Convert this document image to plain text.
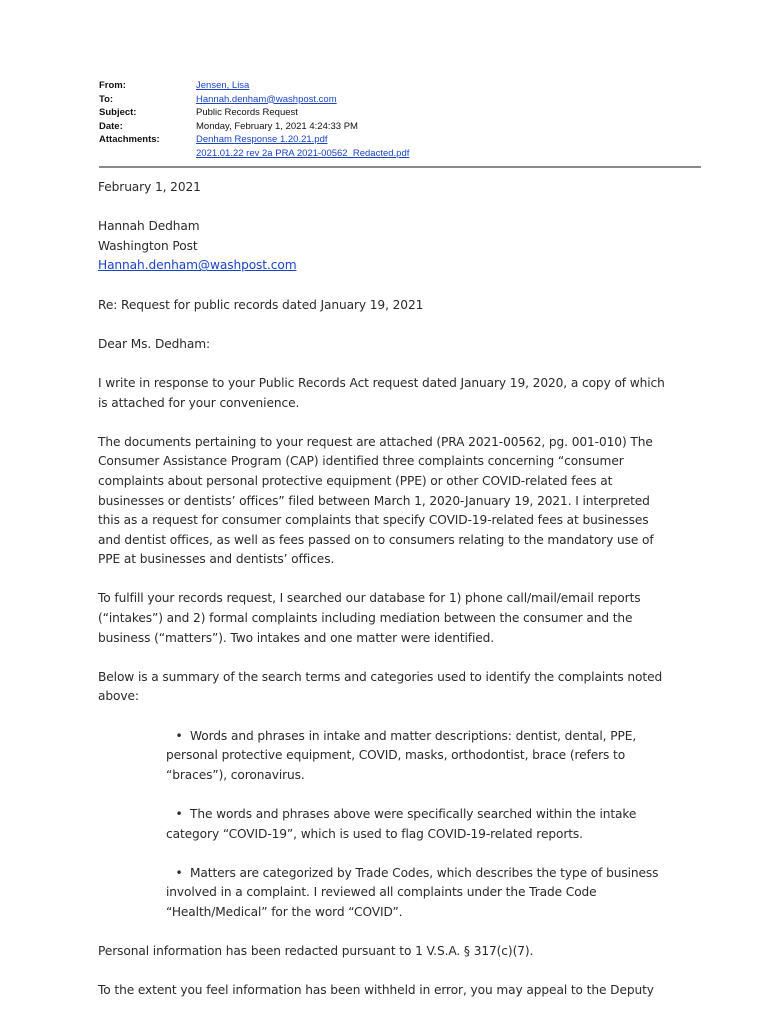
From:	Jensen, Lisa
To:	Hannah.denham@washpost.com
Subject:	Public Records Request
Date:	Monday, February 1, 2021 4:24:33 PM
Attachments:	Denham Response 1.20.21.pdf
2021.01.22 rev 2a PRA 2021-00562_Redacted.pdf

February 1, 2021

Hannah Dedham

Washington Post

Hannah.denham@washpost.com

Re: Request for public records dated January 19, 2021

Dear Ms. Dedham:

I write in response to your Public Records Act request dated January 19, 2020, a copy of which is attached for your convenience.

The documents pertaining to your request are attached (PRA 2021-00562, pg. 001-010) The Consumer Assistance Program (CAP) identified three complaints concerning “consumer complaints about personal protective equipment (PPE) or other COVID-related fees at businesses or dentists’ offices” filed between March 1, 2020-January 19, 2021. I interpreted this as a request for consumer complaints that specify COVID-19-related fees at businesses and dentist offices, as well as fees passed on to consumers relating to the mandatory use of PPE at businesses and dentists’ offices.

To fulfill your records request, I searched our database for 1) phone call/mail/email reports (“intakes”) and 2) formal complaints including mediation between the consumer and the business (“matters”). Two intakes and one matter were identified.

Below is a summary of the search terms and categories used to identify the complaints noted above:

• Words and phrases in intake and matter descriptions: dentist, dental, PPE, personal protective equipment, COVID, masks, orthodontist, brace (refers to “braces”), coronavirus.
• The words and phrases above were specifically searched within the intake category “COVID-19”, which is used to flag COVID-19-related reports.
• Matters are categorized by Trade Codes, which describes the type of business involved in a complaint. I reviewed all complaints under the Trade Code “Health/Medical” for the word “COVID”.

Personal information has been redacted pursuant to 1 V.S.A. § 317(c)(7).

To the extent you feel information has been withheld in error, you may appeal to the Deputy
